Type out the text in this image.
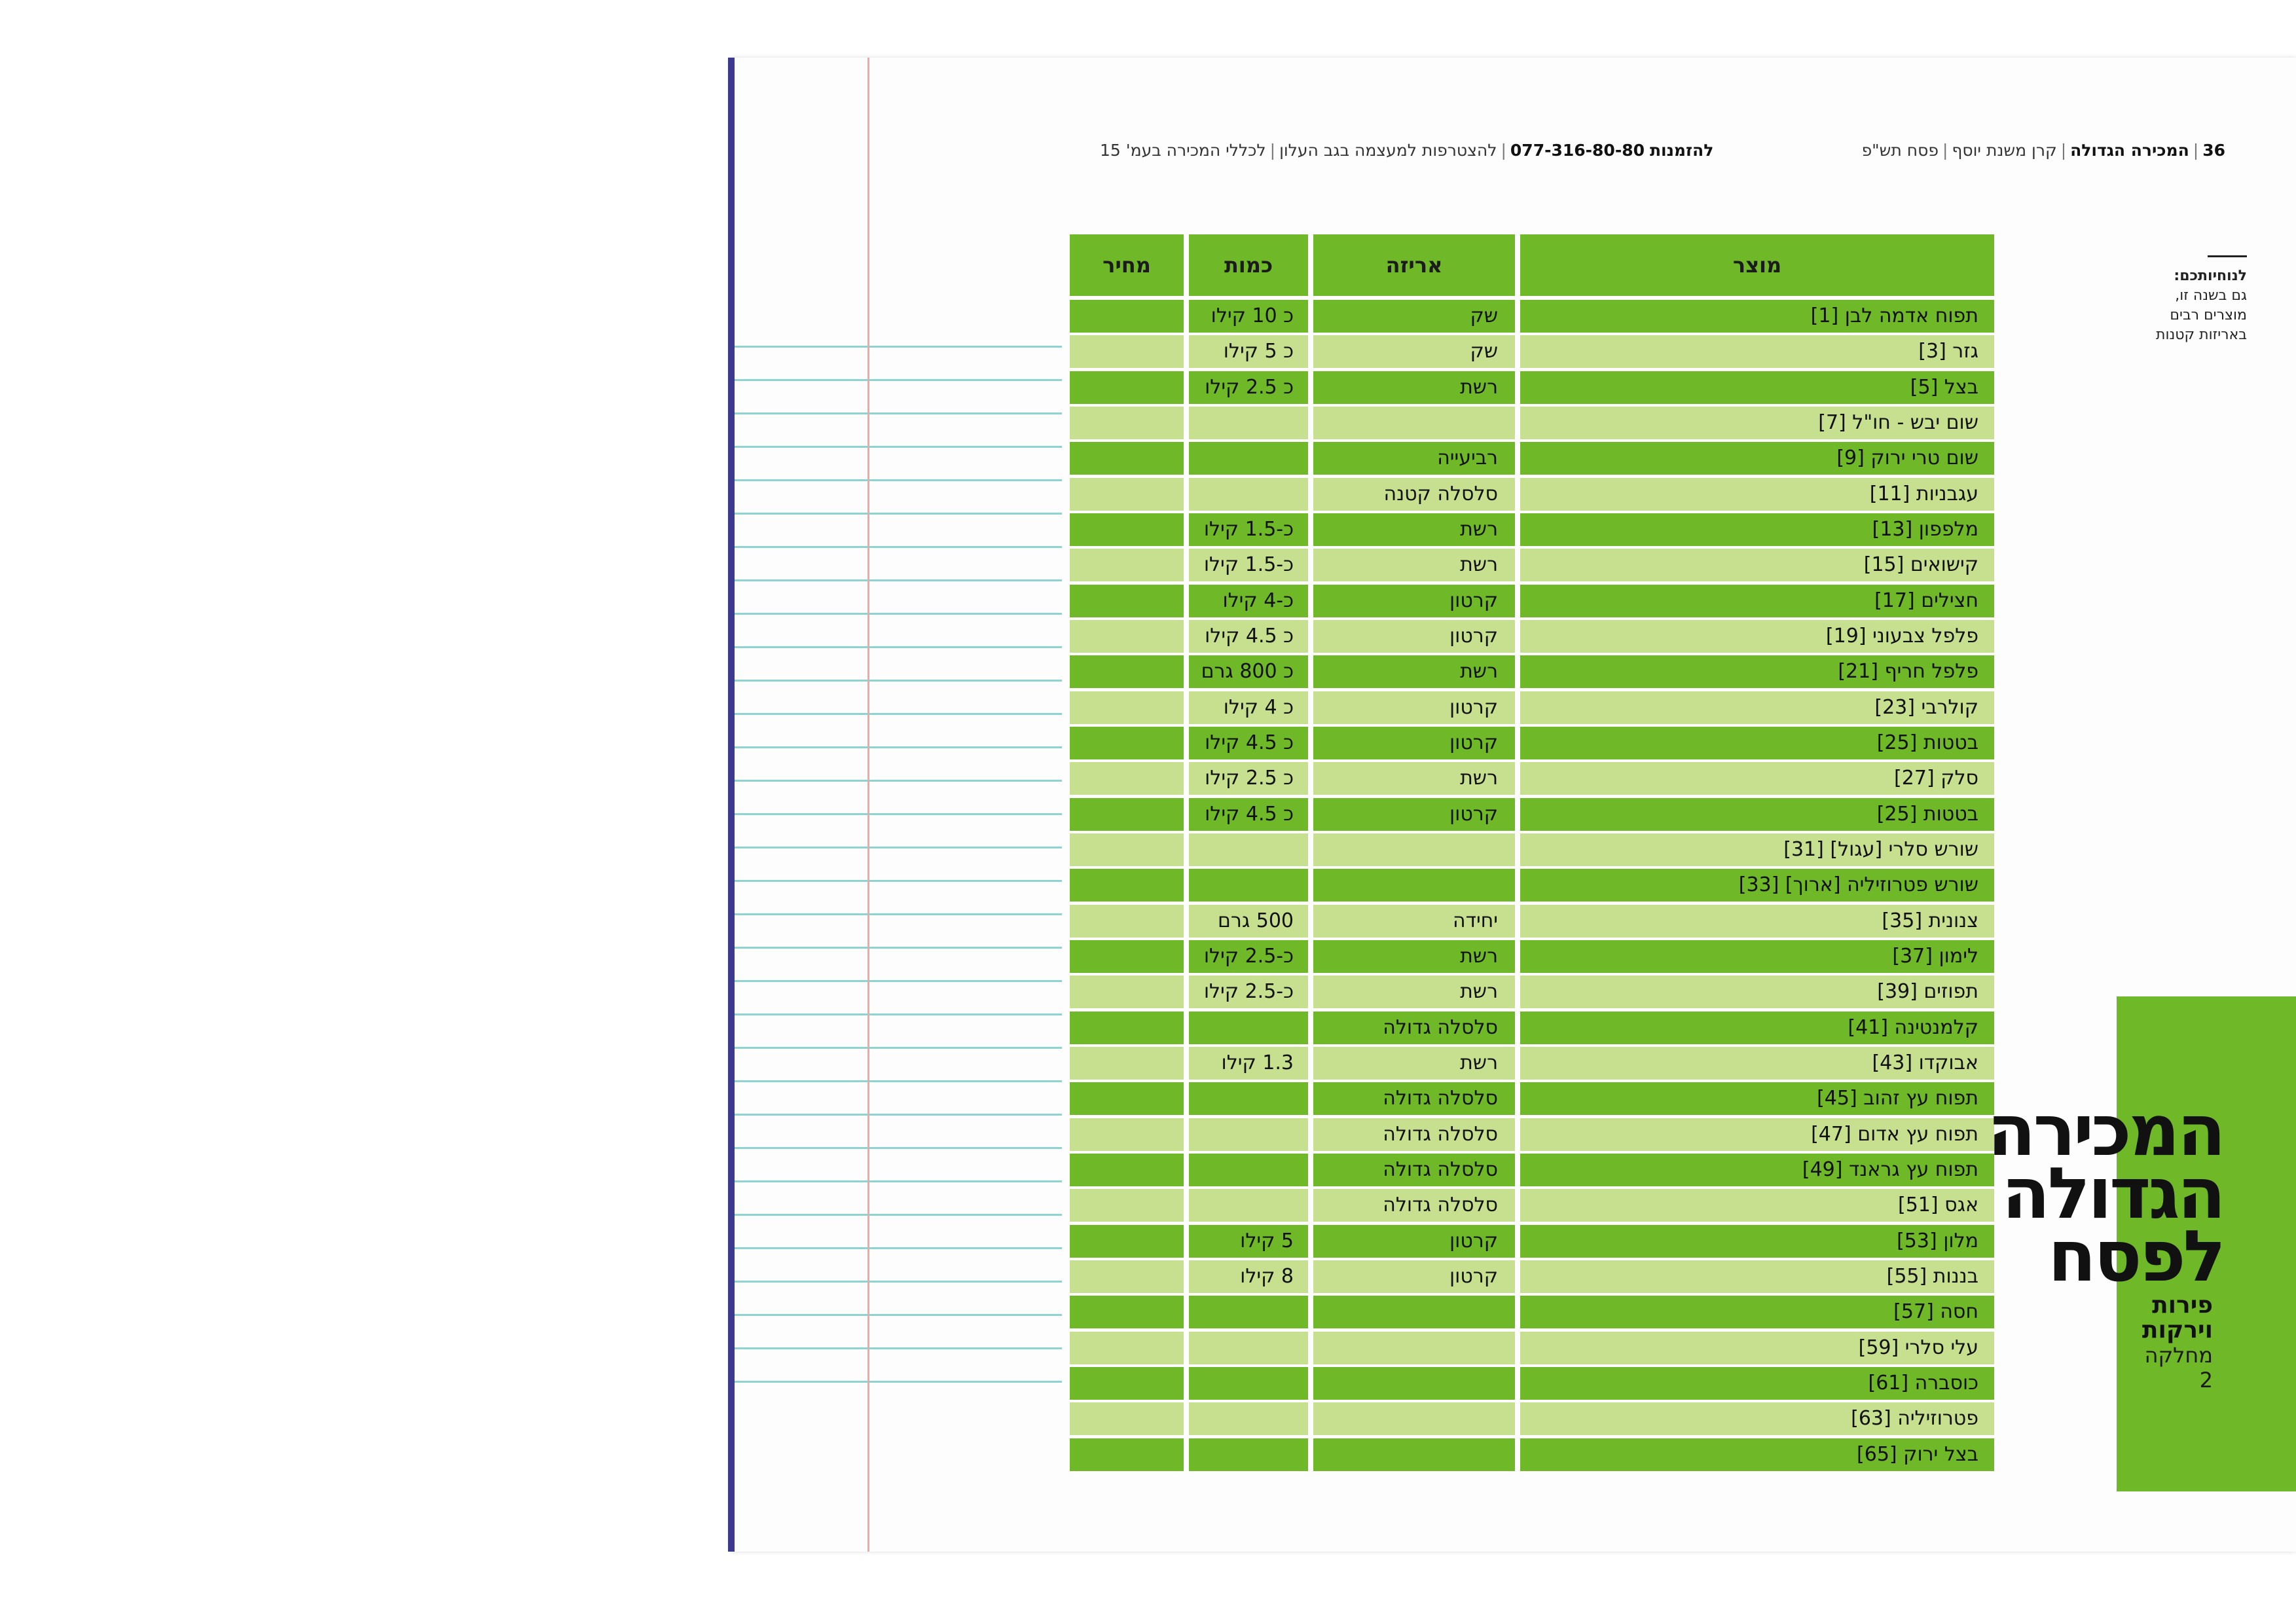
36|המכירה הגדולה|קרן משנת יוסף|פסח תש"פ
להזמנות 077-316-80-80|להצטרפות למעצמה בגב העלון|לכללי המכירה בעמ' 15
לנוחיותכם:
גם בשנה זו, מוצרים רבים באריזות קטנות
מוצר
אריזה
כמות
מחיר
תפוח אדמה לבן [1]
שק
כ 10 קילו
גזר [3]
שק
כ 5 קילו
בצל [5]
רשת
כ 2.5 קילו
שום יבש - חו"ל [7]
שום טרי ירוק [9]
רביעייה
עגבניות [11]
סלסלה קטנה
מלפפון [13]
רשת
כ-1.5 קילו
קישואים [15]
רשת
כ-1.5 קילו
חצילים [17]
קרטון
כ-4 קילו
פלפל צבעוני [19]
קרטון
כ 4.5 קילו
פלפל חריף [21]
רשת
כ 800 גרם
קולרבי [23]
קרטון
כ 4 קילו
בטטות [25]
קרטון
כ 4.5 קילו
סלק [27]
רשת
כ 2.5 קילו
בטטות [25]
קרטון
כ 4.5 קילו
שורש סלרי [עגול] [31]
שורש פטרוזיליה [ארוך] [33]
צנונית [35]
יחידה
500 גרם
לימון [37]
רשת
כ-2.5 קילו
תפוזים [39]
רשת
כ-2.5 קילו
קלמנטינה [41]
סלסלה גדולה
אבוקדו [43]
רשת
1.3 קילו
תפוח עץ זהוב [45]
סלסלה גדולה
תפוח עץ אדום [47]
סלסלה גדולה
תפוח עץ גראנד [49]
סלסלה גדולה
אגס [51]
סלסלה גדולה
מלון [53]
קרטון
5 קילו
בננות [55]
קרטון
8 קילו
חסה [57]
עלי סלרי [59]
כוסברה [61]
פטרוזיליה [63]
בצל ירוק [65]
המכירה
הגדולה
לפסח
פירות
וירקות
מחלקה
2
